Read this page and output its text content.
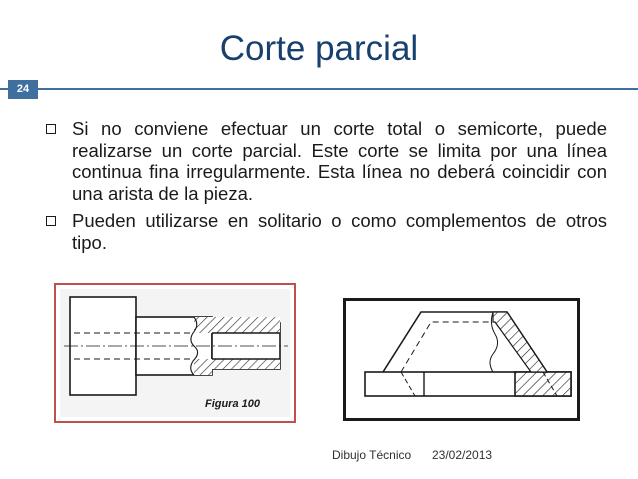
Corte parcial
24
Si no conviene efectuar un corte total o semicorte, puede realizarse un corte parcial. Este corte se limita por una línea continua fina irregularmente. Esta línea no deberá coincidir con una arista de la pieza.
Pueden utilizarse en solitario o como complementos de otros tipo.
Figura 100
Dibujo Técnico 23/02/2013
